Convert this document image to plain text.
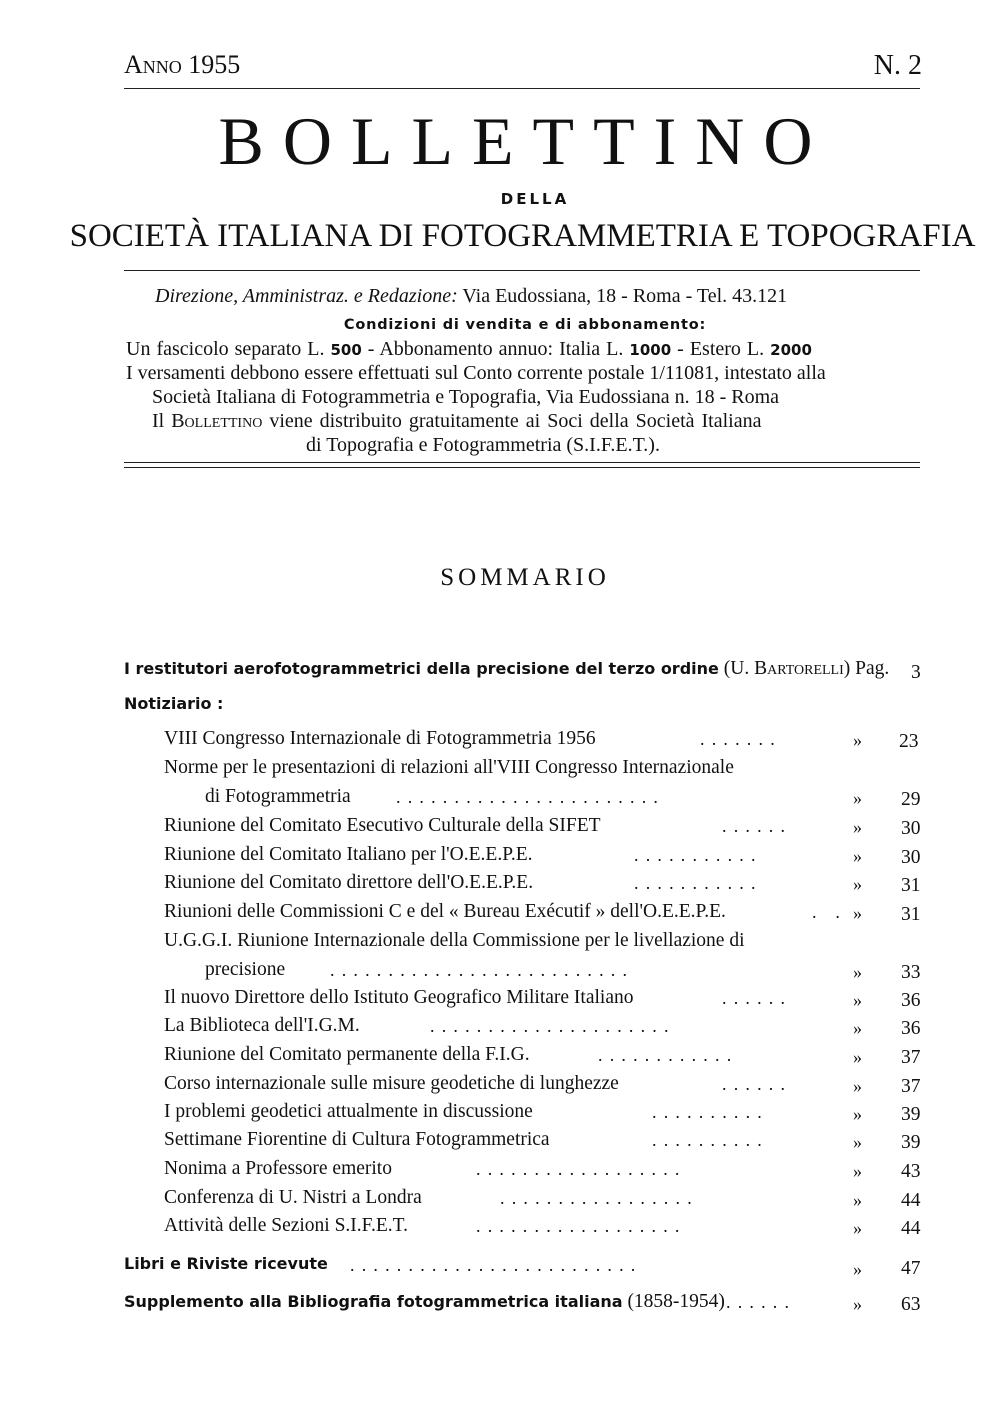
Anno 1955	N. 2
BOLLETTINO
DELLA
SOCIETÀ ITALIANA DI FOTOGRAMMETRIA E TOPOGRAFIA
Direzione, Amministraz. e Redazione: Via Eudossiana, 18 - Roma - Tel. 43.121
Condizioni di vendita e di abbonamento:
Un fascicolo separato L. 500 - Abbonamento annuo: Italia L. 1000 - Estero L. 2000
I versamenti debbono essere effettuati sul Conto corrente postale 1/11081, intestato alla
Società Italiana di Fotogrammetria e Topografia, Via Eudossiana n. 18 - Roma
Il Bollettino viene distribuito gratuitamente ai Soci della Società Italiana
di Topografia e Fotogrammetria (S.I.F.E.T.).
SOMMARIO
I restitutori aerofotogrammetrici della precisione del terzo ordine (U. Bartorelli) Pag. 3
Notiziario :
VIII Congresso Internazionale di Fotogrammetria 1956	.......	» 23
Norme per le presentazioni di relazioni all'VIII Congresso Internazionale
di Fotogrammetria	.......................	» 29
Riunione del Comitato Esecutivo Culturale della SIFET	......	» 30
Riunione del Comitato Italiano per l'O.E.E.P.E.	...........	» 30
Riunione del Comitato direttore dell'O.E.E.P.E.	...........	» 31
Riunioni delle Commissioni C e del « Bureau Exécutif » dell'O.E.E.P.E.	. . » 31
U.G.G.I. Riunione Internazionale della Commissione per le livellazione di
precisione ..........................	» 33
Il nuovo Direttore dello Istituto Geografico Militare Italiano	......	» 36
La Biblioteca dell'I.G.M.	.....................	» 36
Riunione del Comitato permanente della F.I.G.	............	» 37
Corso internazionale sulle misure geodetiche di lunghezze	......	» 37
I problemi geodetici attualmente in discussione	..........	» 39
Settimane Fiorentine di Cultura Fotogrammetrica	..........	» 39
Nonima a Professore emerito	..................	» 43
Conferenza di U. Nistri a Londra	.................	» 44
Attività delle Sezioni S.I.F.E.T.	..................	» 44
Libri e Riviste ricevute .........................	» 47
Supplemento alla Bibliografia fotogrammetrica italiana (1858-1954) ......	» 63
